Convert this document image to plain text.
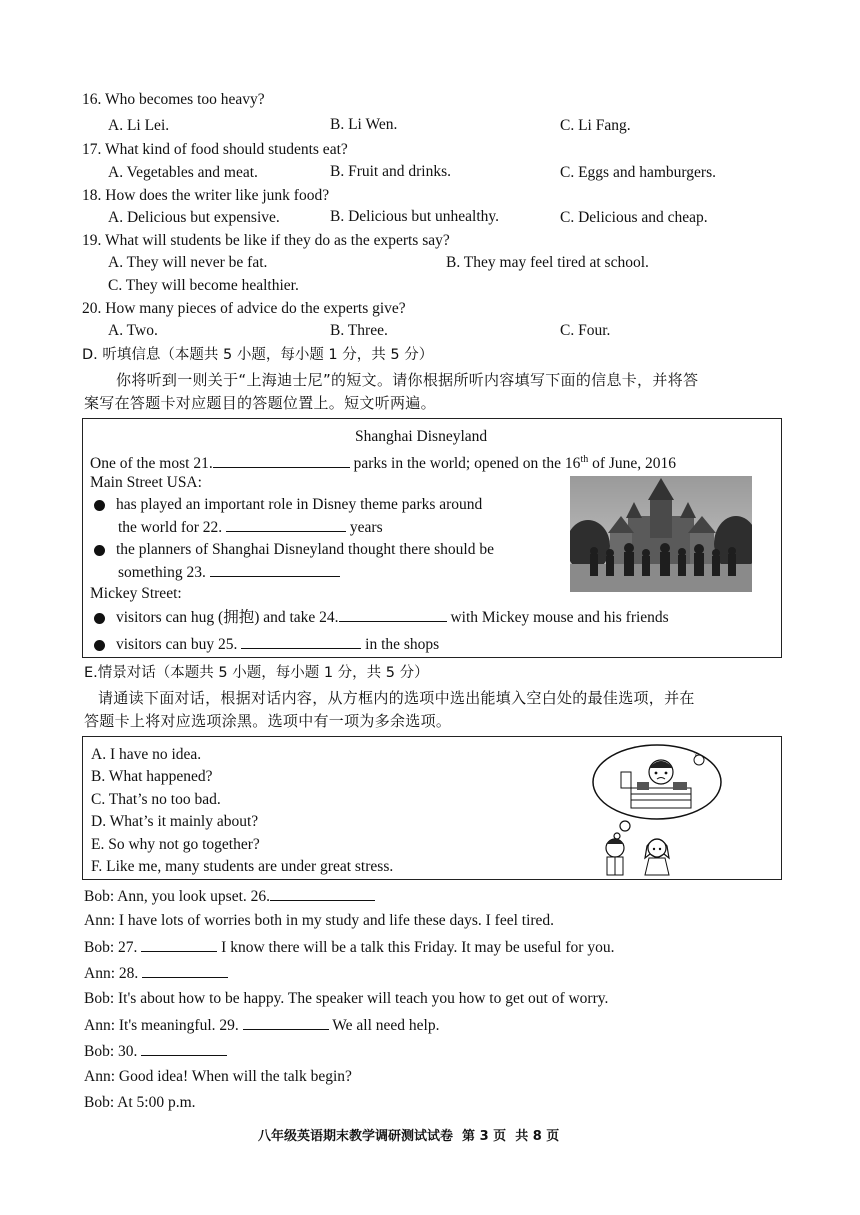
16. Who becomes too heavy?
A. Li Lei.	B. Li Wen.	C. Li Fang.
17. What kind of food should students eat?
A. Vegetables and meat.	B. Fruit and drinks.	C. Eggs and hamburgers.
18. How does the writer like junk food?
A. Delicious but expensive.	B. Delicious but unhealthy.	C. Delicious and cheap.
19. What will students be like if they do as the experts say?
A. They will never be fat.	B. They may feel tired at school.
C. They will become healthier.
20. How many pieces of advice do the experts give?
A. Two.	B. Three.	C. Four.
D. 听填信息（本题共 5 小题，每小题 1 分，共 5 分）
你将听到一则关于“上海迪士尼”的短文。请你根据所听内容填写下面的信息卡，并将答
案写在答题卡对应题目的答题位置上。短文听两遍。
Shanghai Disneyland
One of the most 21.	parks in the world; opened on the 16th of June, 2016
Main Street USA:
has played an important role in Disney theme parks around
the world for 22.	years
the planners of Shanghai Disneyland thought there should be
something 23.
Mickey Street:
visitors can hug (拥抱) and take 24.	with Mickey mouse and his friends
visitors can buy 25.	in the shops
E.情景对话（本题共 5 小题，每小题 1 分，共 5 分）
请通读下面对话，根据对话内容，从方框内的选项中选出能填入空白处的最佳选项，并在
答题卡上将对应选项涂黑。选项中有一项为多余选项。
A. I have no idea.
B. What happened?
C. That’s no too bad.
D. What’s it mainly about?
E. So why not go together?
F. Like me, many students are under great stress.
?
Bob: Ann, you look upset. 26.
Ann: I have lots of worries both in my study and life these days. I feel tired.
Bob: 27.	I know there will be a talk this Friday. It may be useful for you.
Ann: 28.
Bob: It's about how to be happy. The speaker will teach you how to get out of worry.
Ann: It's meaningful. 29.	We all need help.
Bob: 30.
Ann: Good idea! When will the talk begin?
Bob: At 5:00 p.m.
八年级英语期末教学调研测试试卷  第 3 页  共 8 页
